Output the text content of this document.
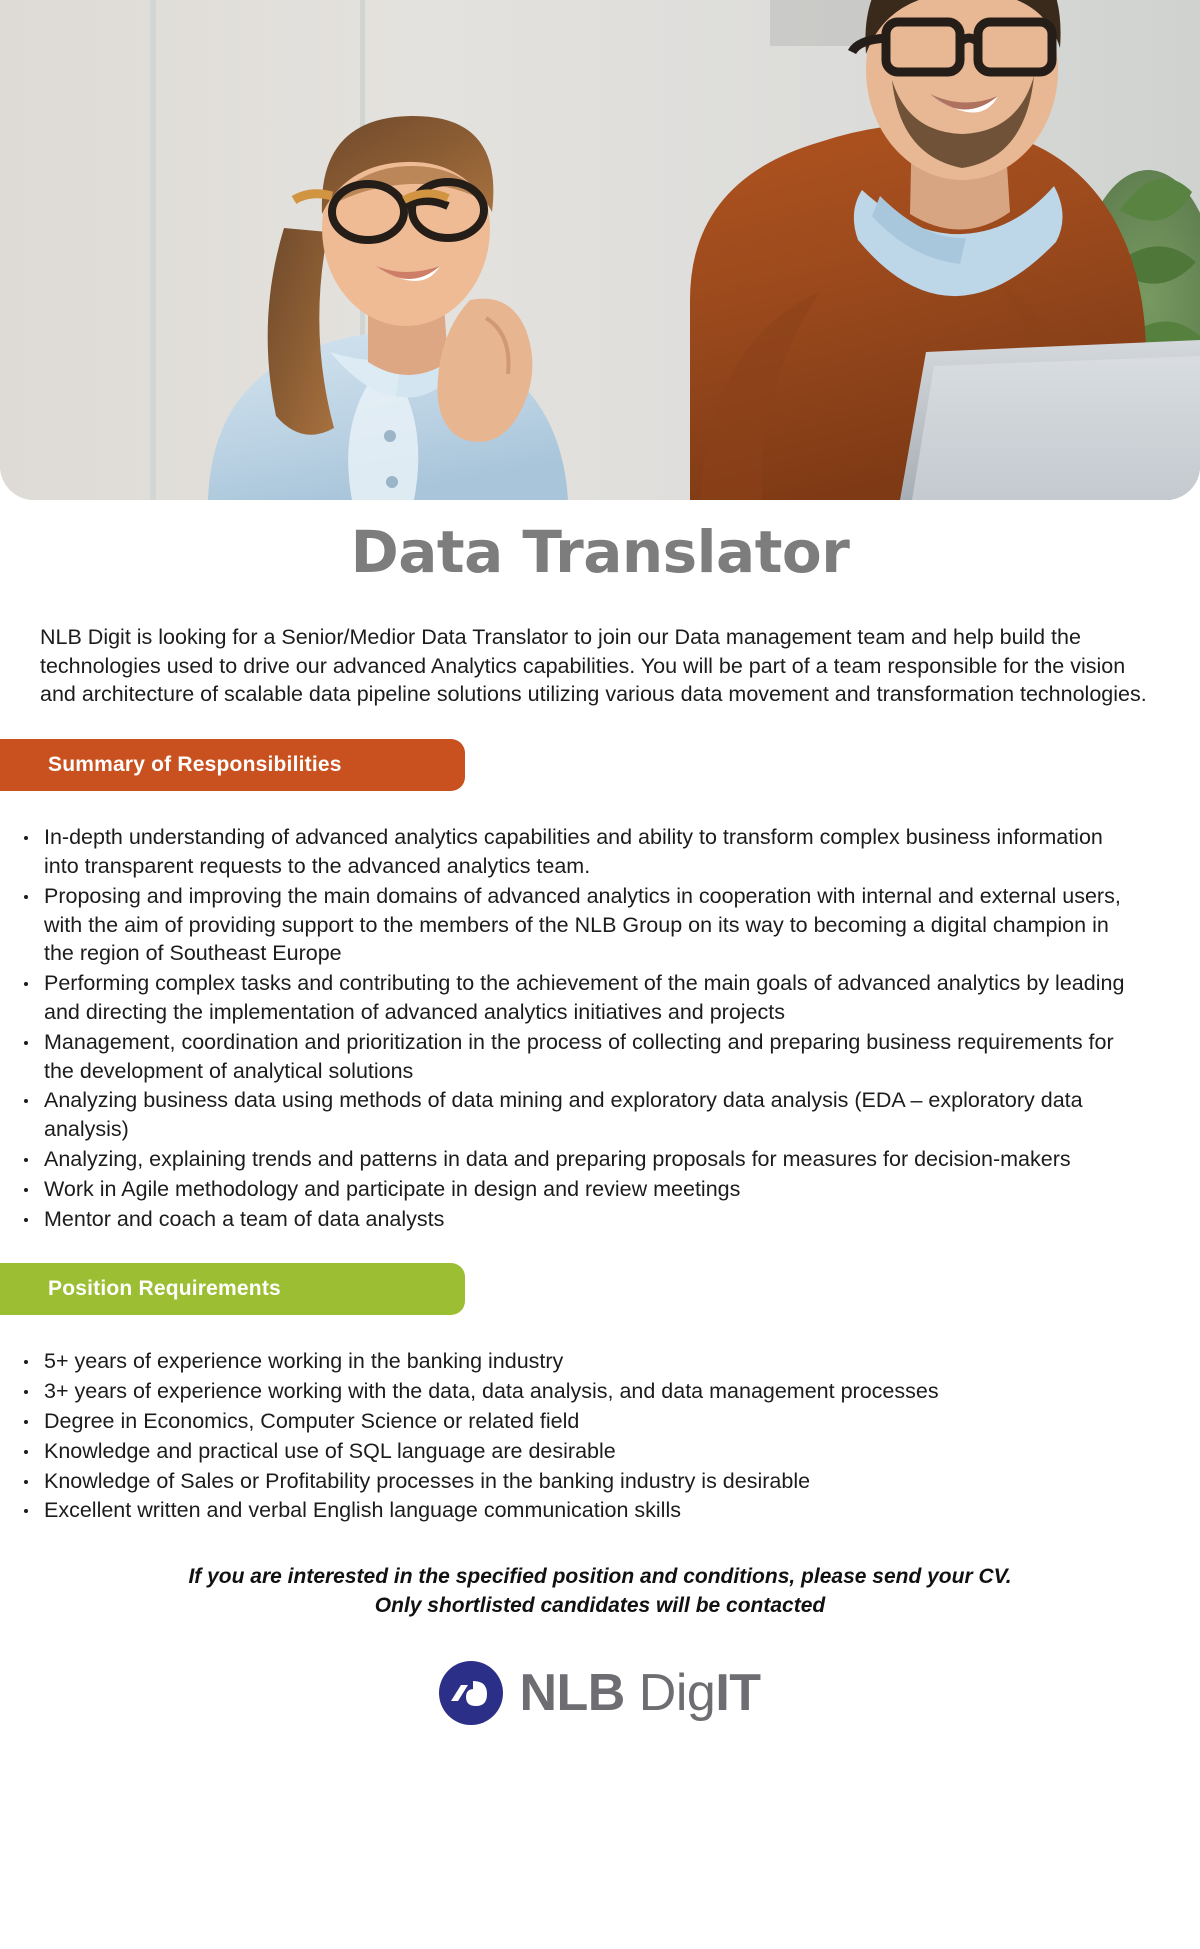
Data Translator

NLB Digit is looking for a Senior/Medior Data Translator to join our Data management team and help build the technologies used to drive our advanced Analytics capabilities. You will be part of a team responsible for the vision and architecture of scalable data pipeline solutions utilizing various data movement and transformation technologies.

Summary of Responsibilities
In-depth understanding of advanced analytics capabilities and ability to transform complex business information into transparent requests to the advanced analytics team.
Proposing and improving the main domains of advanced analytics in cooperation with internal and external users, with the aim of providing support to the members of the NLB Group on its way to becoming a digital champion in the region of Southeast Europe
Performing complex tasks and contributing to the achievement of the main goals of advanced analytics by leading and directing the implementation of advanced analytics initiatives and projects
Management, coordination and prioritization in the process of collecting and preparing business requirements for the development of analytical solutions
Analyzing business data using methods of data mining and exploratory data analysis (EDA – exploratory data analysis)
Analyzing, explaining trends and patterns in data and preparing proposals for measures for decision-makers
Work in Agile methodology and participate in design and review meetings
Mentor and coach a team of data analysts
Position Requirements
5+ years of experience working in the banking industry
3+ years of experience working with the data, data analysis, and data management processes
Degree in Economics, Computer Science or related field
Knowledge and practical use of SQL language are desirable
Knowledge of Sales or Profitability processes in the banking industry is desirable
Excellent written and verbal English language communication skills
If you are interested in the specified position and conditions, please send your CV.
Only shortlisted candidates will be contacted
NLB DigIT
